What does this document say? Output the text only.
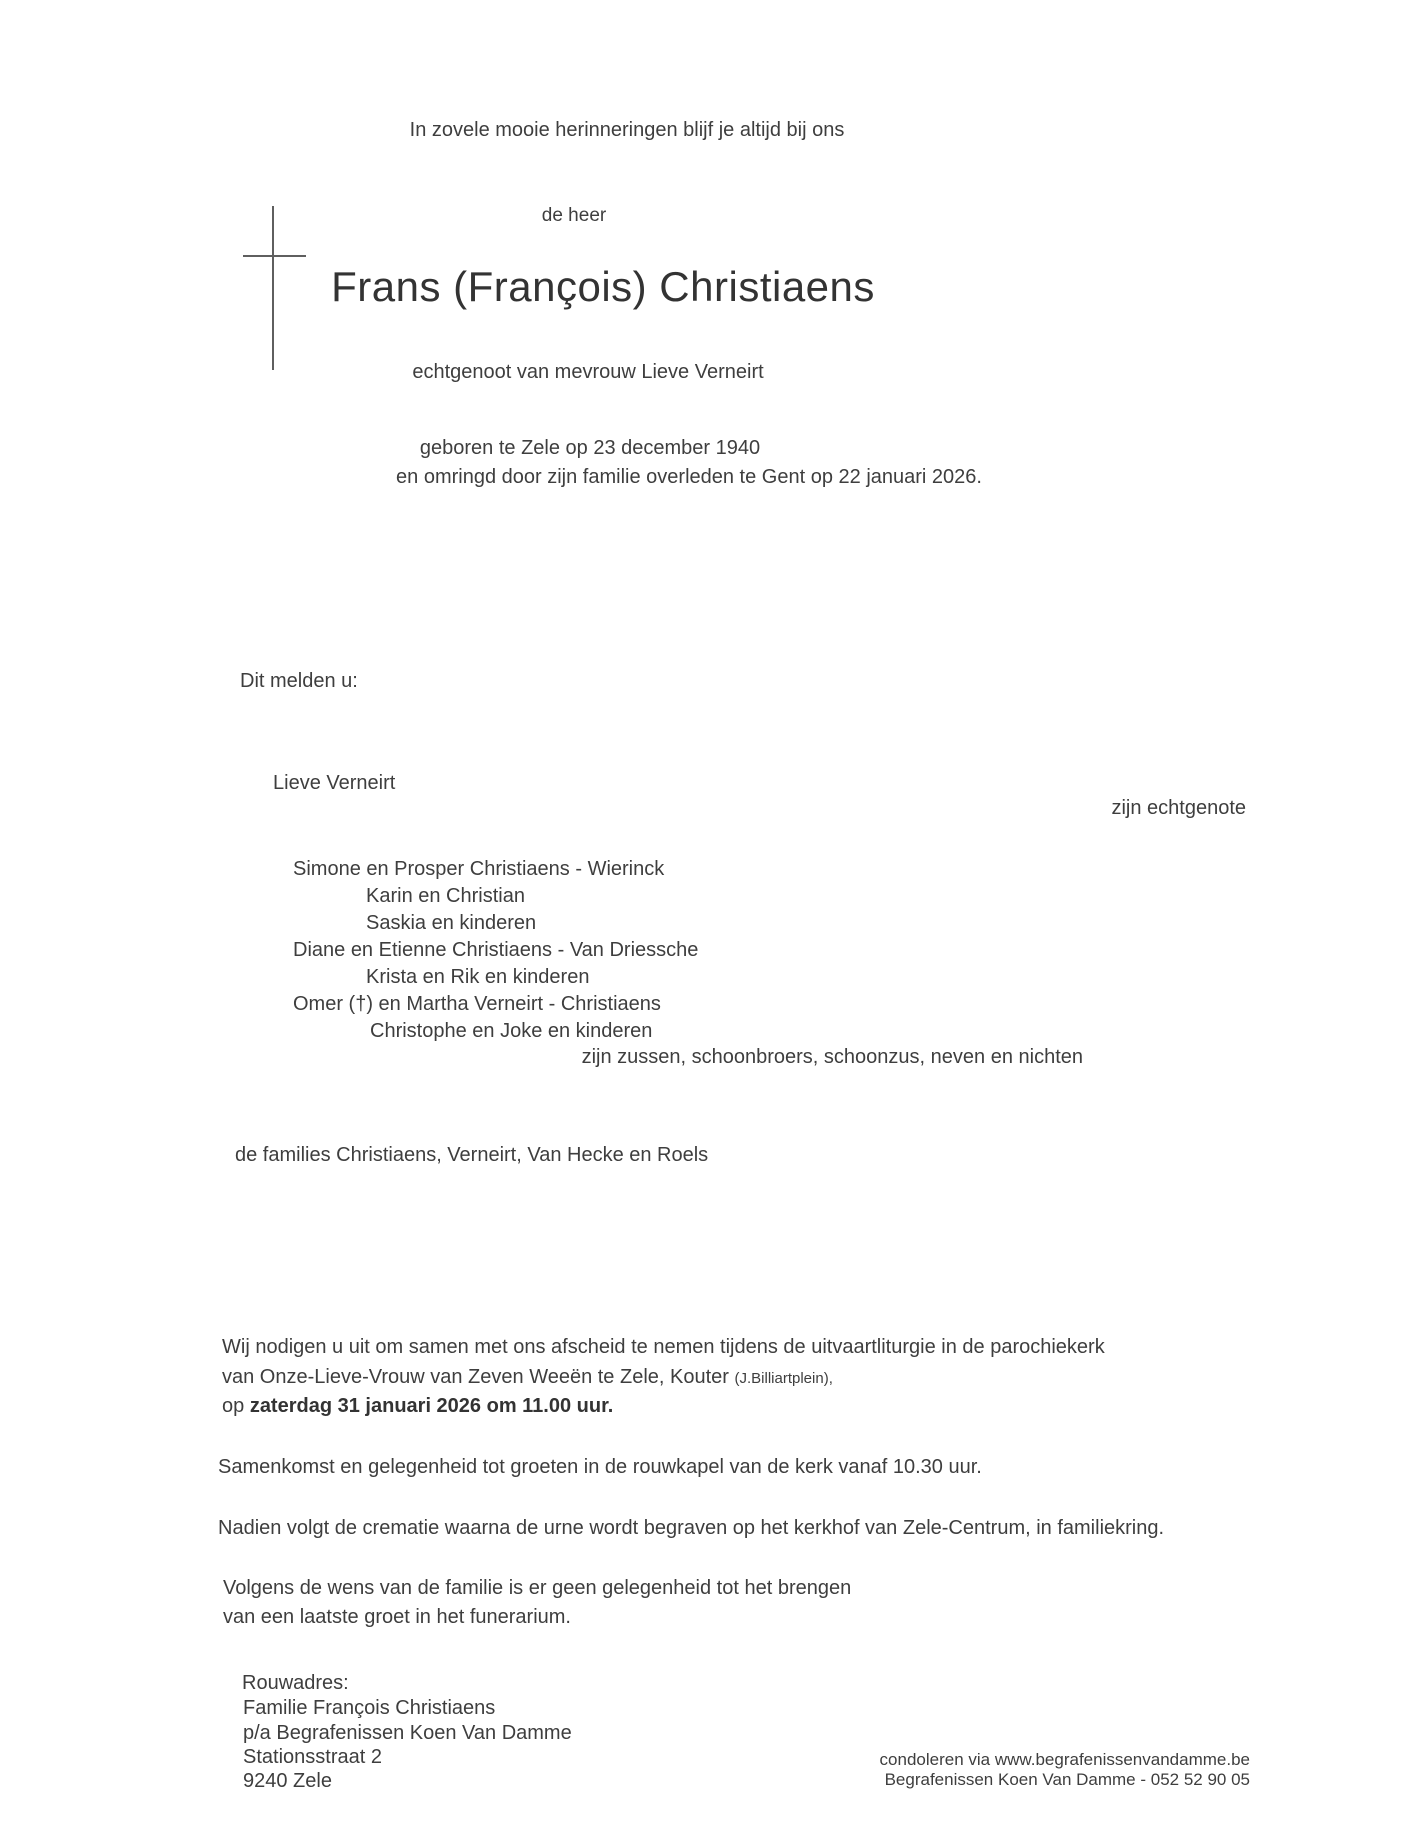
In zovele mooie herinneringen blijf je altijd bij ons
de heer
Frans (François) Christiaens
echtgenoot van mevrouw Lieve Verneirt
geboren te Zele op 23 december 1940
en omringd door zijn familie overleden te Gent op 22 januari 2026.
Dit melden u:
Lieve Verneirt
zijn echtgenote
Simone en Prosper Christiaens - Wierinck
Karin en Christian
Saskia en kinderen
Diane en Etienne Christiaens - Van Driessche
Krista en Rik en kinderen
Omer (†) en Martha Verneirt - Christiaens
Christophe en Joke en kinderen
zijn zussen, schoonbroers, schoonzus, neven en nichten
de families Christiaens, Verneirt, Van Hecke en Roels
Wij nodigen u uit om samen met ons afscheid te nemen tijdens de uitvaartliturgie in de parochiekerk
van Onze-Lieve-Vrouw van Zeven Weeën te Zele, Kouter (J.Billiartplein),
op zaterdag 31 januari 2026 om 11.00 uur.
Samenkomst en gelegenheid tot groeten in de rouwkapel van de kerk vanaf 10.30 uur.
Nadien volgt de crematie waarna de urne wordt begraven op het kerkhof van Zele-Centrum, in familiekring.
Volgens de wens van de familie is er geen gelegenheid tot het brengen
van een laatste groet in het funerarium.
Rouwadres:
Familie François Christiaens
p/a Begrafenissen Koen Van Damme
Stationsstraat 2
9240 Zele
condoleren via www.begrafenissenvandamme.be
Begrafenissen Koen Van Damme - 052 52 90 05
